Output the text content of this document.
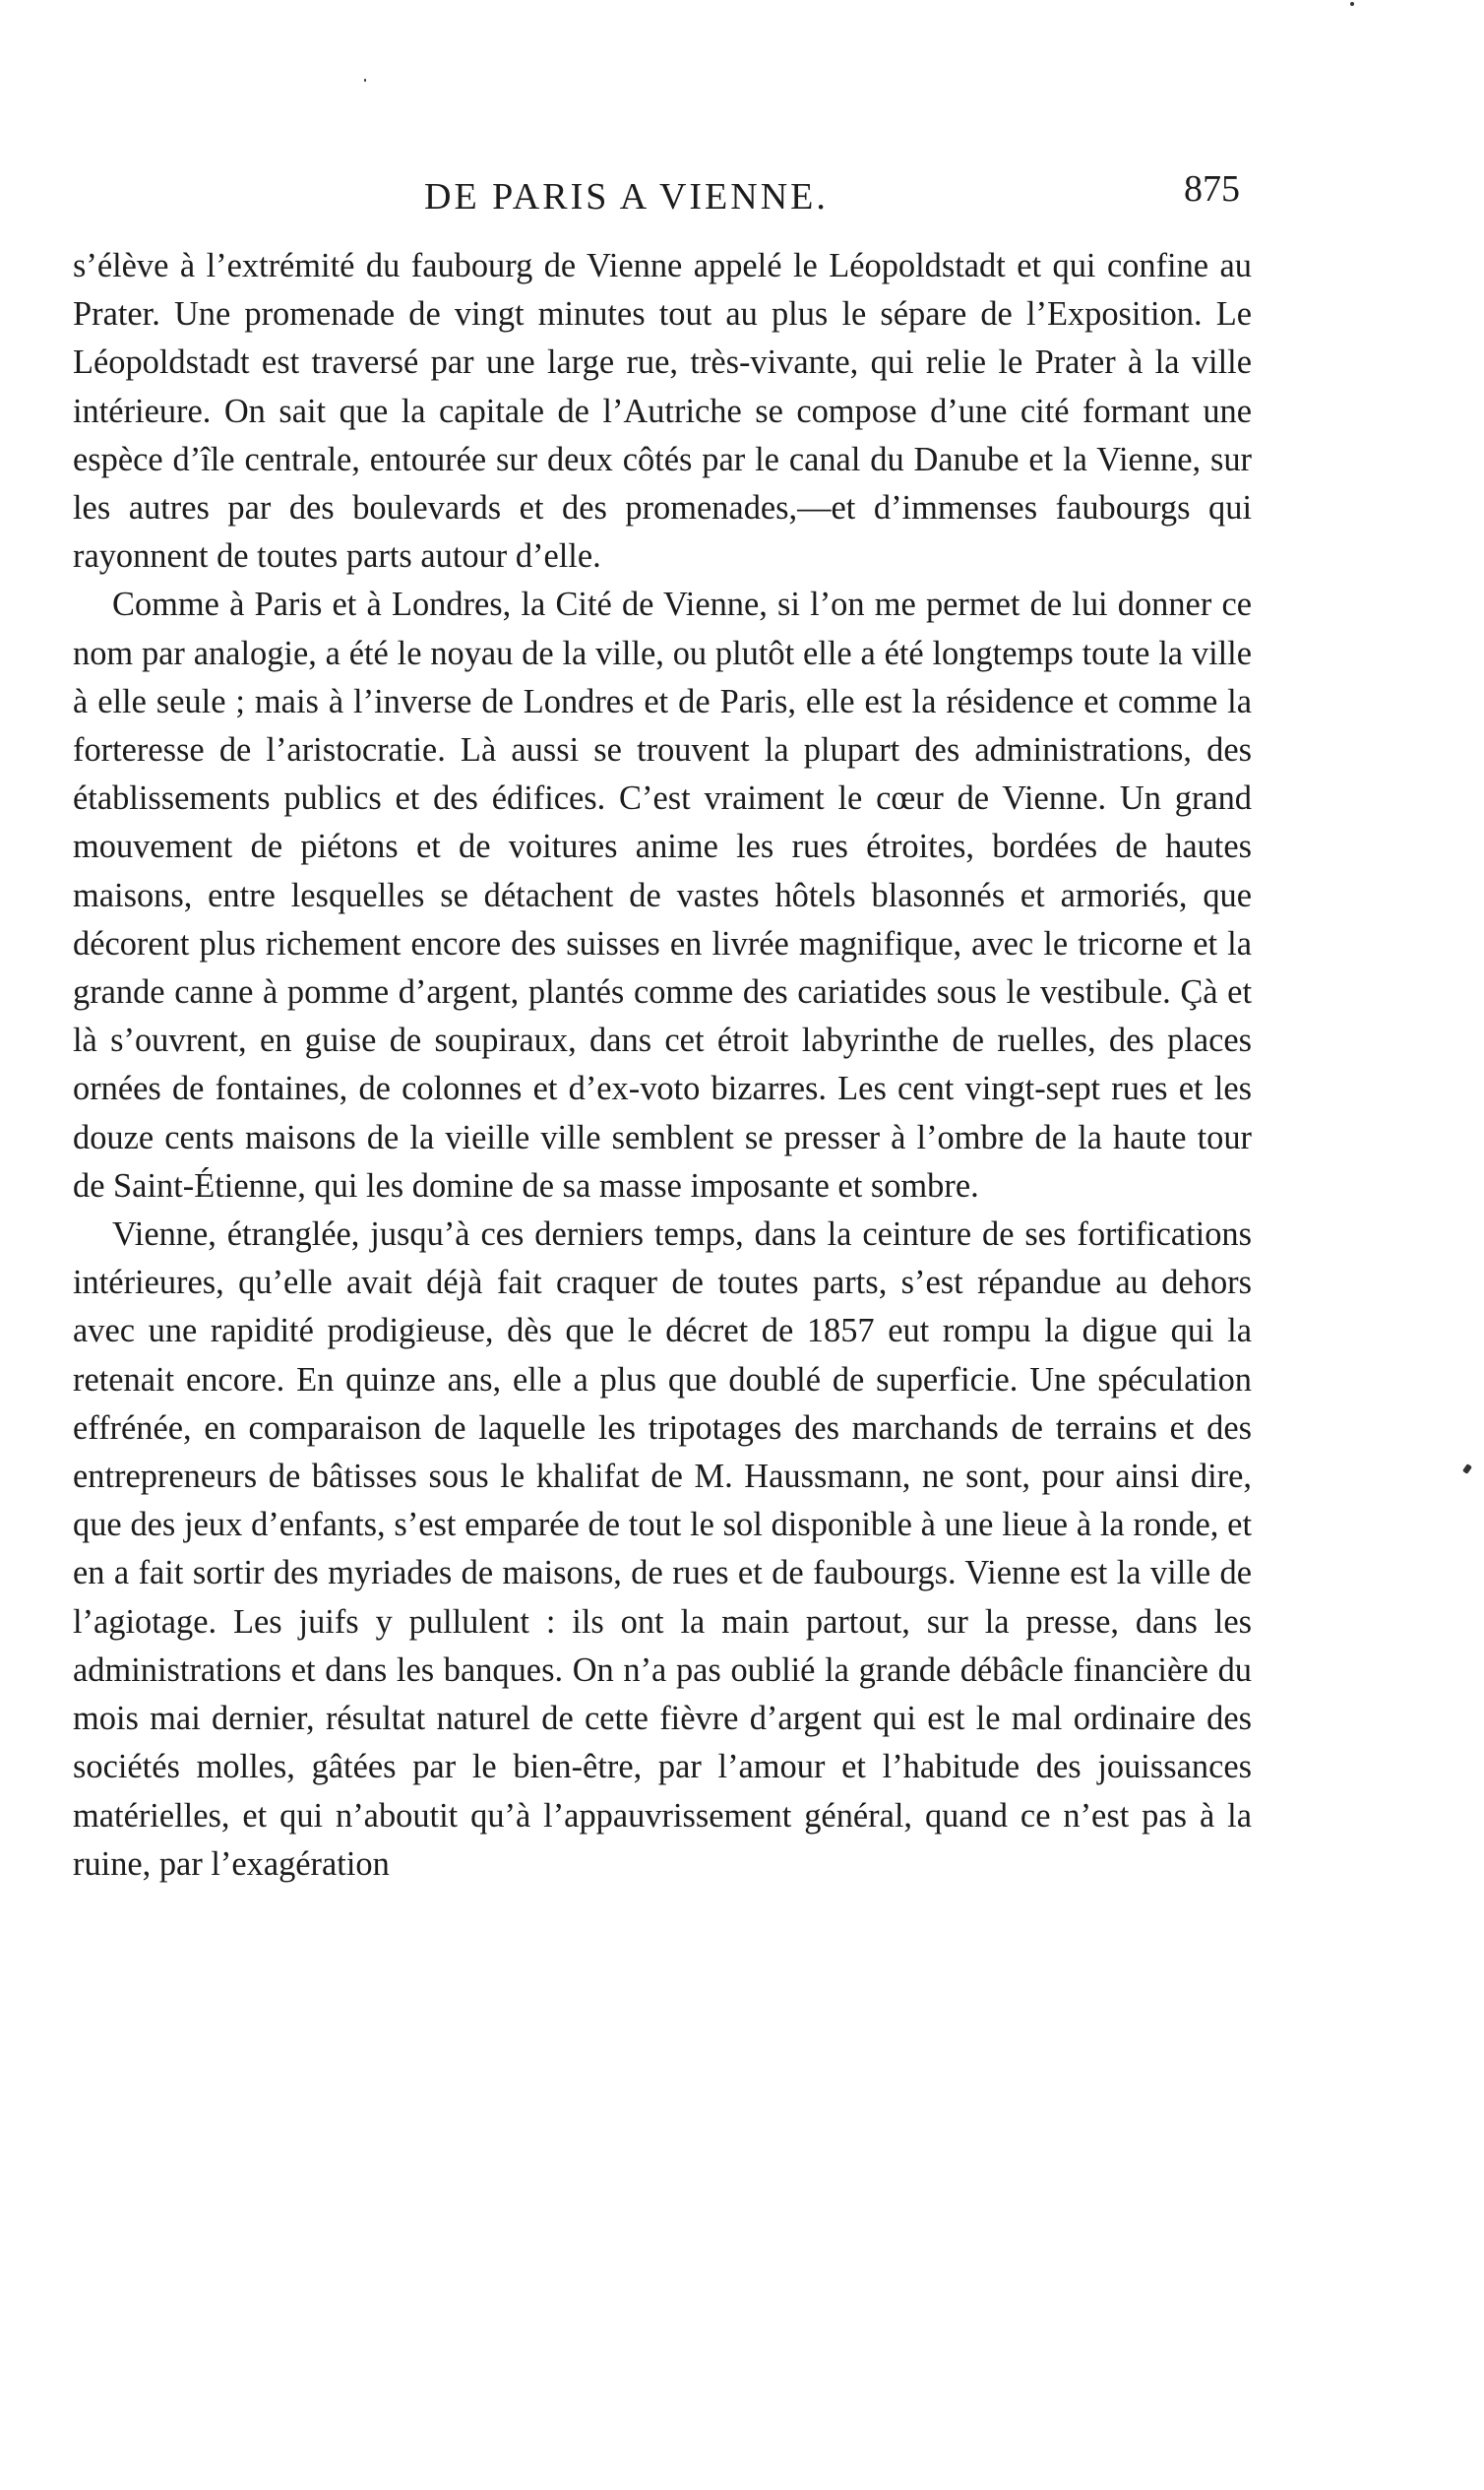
DE PARIS A VIENNE.	875

s’élève à l’extrémité du faubourg de Vienne appelé le Léopoldstadt et qui confine au Prater. Une promenade de vingt minutes tout au plus le sépare de l’Exposition. Le Léopoldstadt est traversé par une large rue, très-vivante, qui relie le Prater à la ville intérieure. On sait que la capitale de l’Autriche se compose d’une cité formant une espèce d’île centrale, entourée sur deux côtés par le canal du Danube et la Vienne, sur les autres par des boulevards et des promenades,—et d’immenses faubourgs qui rayonnent de toutes parts autour d’elle.

Comme à Paris et à Londres, la Cité de Vienne, si l’on me permet de lui donner ce nom par analogie, a été le noyau de la ville, ou plutôt elle a été longtemps toute la ville à elle seule ; mais à l’inverse de Londres et de Paris, elle est la résidence et comme la forteresse de l’aristocratie. Là aussi se trouvent la plupart des administrations, des établissements publics et des édifices. C’est vraiment le cœur de Vienne. Un grand mouvement de piétons et de voitures anime les rues étroites, bordées de hautes maisons, entre lesquelles se détachent de vastes hôtels blasonnés et armoriés, que décorent plus richement encore des suisses en livrée magnifique, avec le tricorne et la grande canne à pomme d’argent, plantés comme des cariatides sous le vestibule. Çà et là s’ouvrent, en guise de soupiraux, dans cet étroit labyrinthe de ruelles, des places ornées de fontaines, de colonnes et d’ex-voto bizarres. Les cent vingt-sept rues et les douze cents maisons de la vieille ville semblent se presser à l’ombre de la haute tour de Saint-Étienne, qui les domine de sa masse imposante et sombre.

Vienne, étranglée, jusqu’à ces derniers temps, dans la ceinture de ses fortifications intérieures, qu’elle avait déjà fait craquer de toutes parts, s’est répandue au dehors avec une rapidité prodigieuse, dès que le décret de 1857 eut rompu la digue qui la retenait encore. En quinze ans, elle a plus que doublé de superficie. Une spéculation effrénée, en comparaison de laquelle les tripotages des marchands de terrains et des entrepreneurs de bâtisses sous le khalifat de M. Haussmann, ne sont, pour ainsi dire, que des jeux d’enfants, s’est emparée de tout le sol disponible à une lieue à la ronde, et en a fait sortir des myriades de maisons, de rues et de faubourgs. Vienne est la ville de l’agiotage. Les juifs y pullulent : ils ont la main partout, sur la presse, dans les administrations et dans les banques. On n’a pas oublié la grande débâcle financière du mois mai dernier, résultat naturel de cette fièvre d’argent qui est le mal ordinaire des sociétés molles, gâtées par le bien-être, par l’amour et l’habitude des jouissances matérielles, et qui n’aboutit qu’à l’appauvrissement général, quand ce n’est pas à la ruine, par l’exagération
